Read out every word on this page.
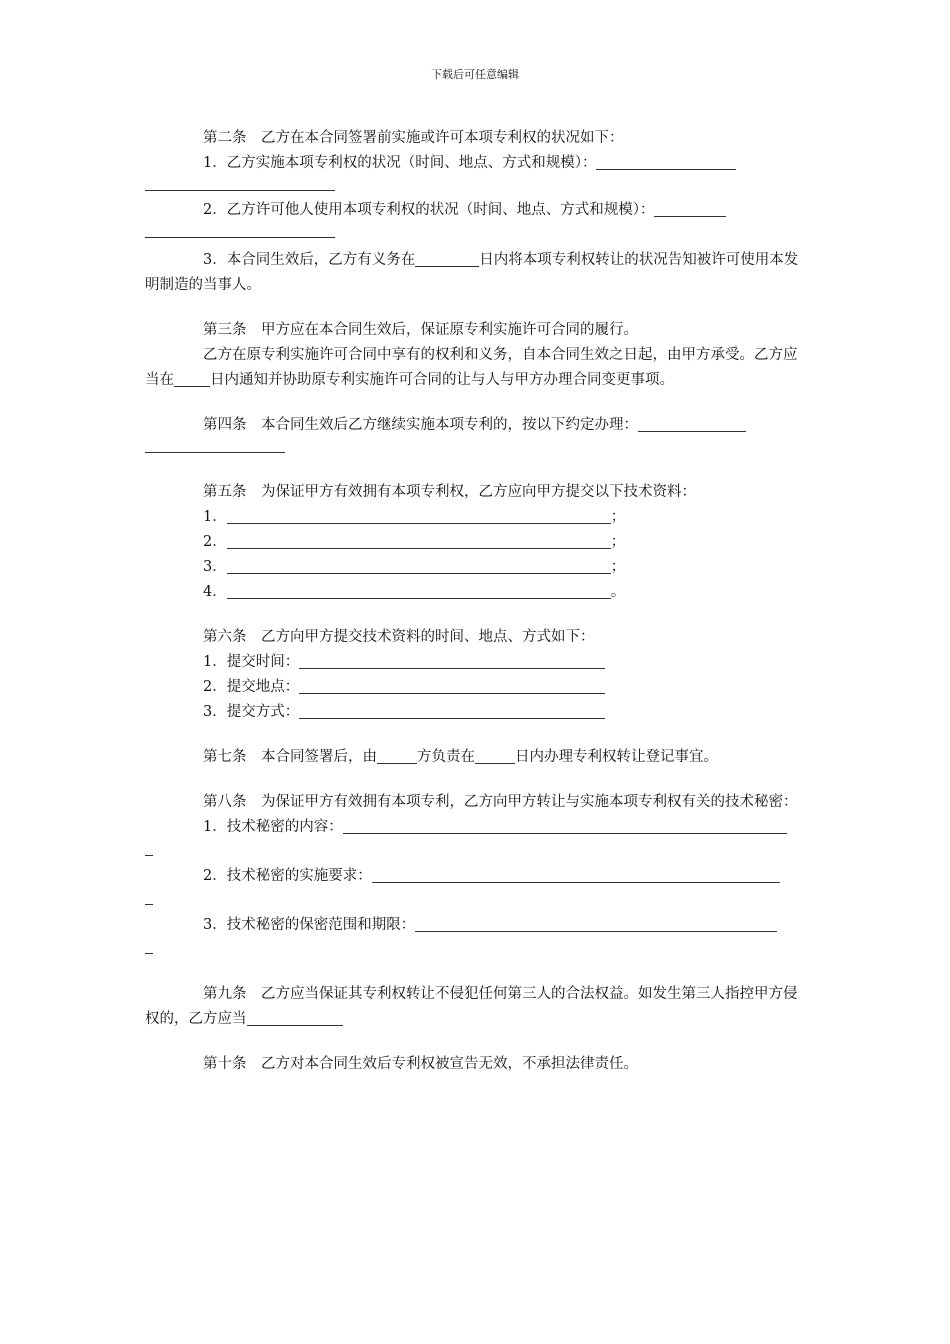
下载后可任意编辑
第二条 乙方在本合同签署前实施或许可本项专利权的状况如下：
1．乙方实施本项专利权的状况（时间、地点、方式和规模）：
2．乙方许可他人使用本项专利权的状况（时间、地点、方式和规模）：
3．本合同生效后，乙方有义务在	日内将本项专利权转让的状况告知被许可使用本发明制造的当事人。
第三条 甲方应在本合同生效后，保证原专利实施许可合同的履行。
乙方在原专利实施许可合同中享有的权利和义务，自本合同生效之日起，由甲方承受。乙方应当在 日内通知并协助原专利实施许可合同的让与人与甲方办理合同变更事项。
第四条 本合同生效后乙方继续实施本项专利的，按以下约定办理：
第五条 为保证甲方有效拥有本项专利权，乙方应向甲方提交以下技术资料：
1．	；
2．	；
3．	；
4．	。
第六条 乙方向甲方提交技术资料的时间、地点、方式如下：
1．提交时间：
2．提交地点：
3．提交方式：
第七条 本合同签署后，由	方负责在	日内办理专利权转让登记事宜。
第八条 为保证甲方有效拥有本项专利，乙方向甲方转让与实施本项专利权有关的技术秘密：
1．技术秘密的内容：
2．技术秘密的实施要求：
3．技术秘密的保密范围和期限：
第九条 乙方应当保证其专利权转让不侵犯任何第三人的合法权益。如发生第三人指控甲方侵权的，乙方应当
第十条 乙方对本合同生效后专利权被宣告无效，不承担法律责任。
